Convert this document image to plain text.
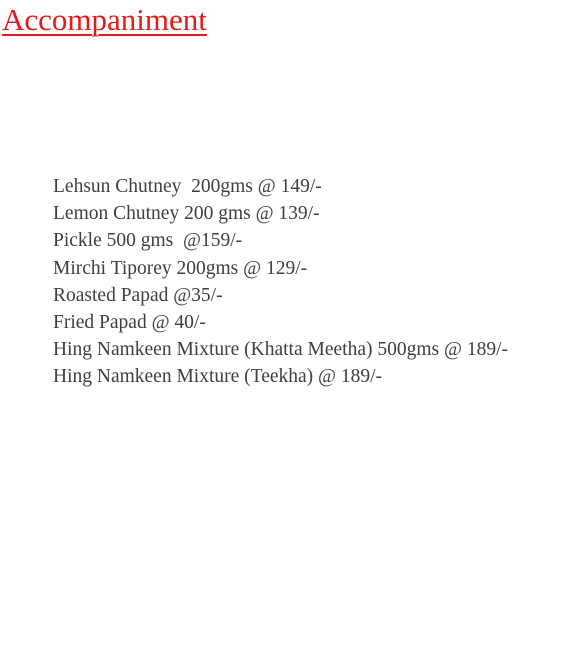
Accompaniment
Lehsun Chutney  200gms @ 149/-
Lemon Chutney 200 gms @ 139/-
Pickle 500 gms  @159/-
Mirchi Tiporey 200gms @ 129/-
Roasted Papad @35/-
Fried Papad @ 40/-
Hing Namkeen Mixture (Khatta Meetha) 500gms @ 189/-
Hing Namkeen Mixture (Teekha) @ 189/-
